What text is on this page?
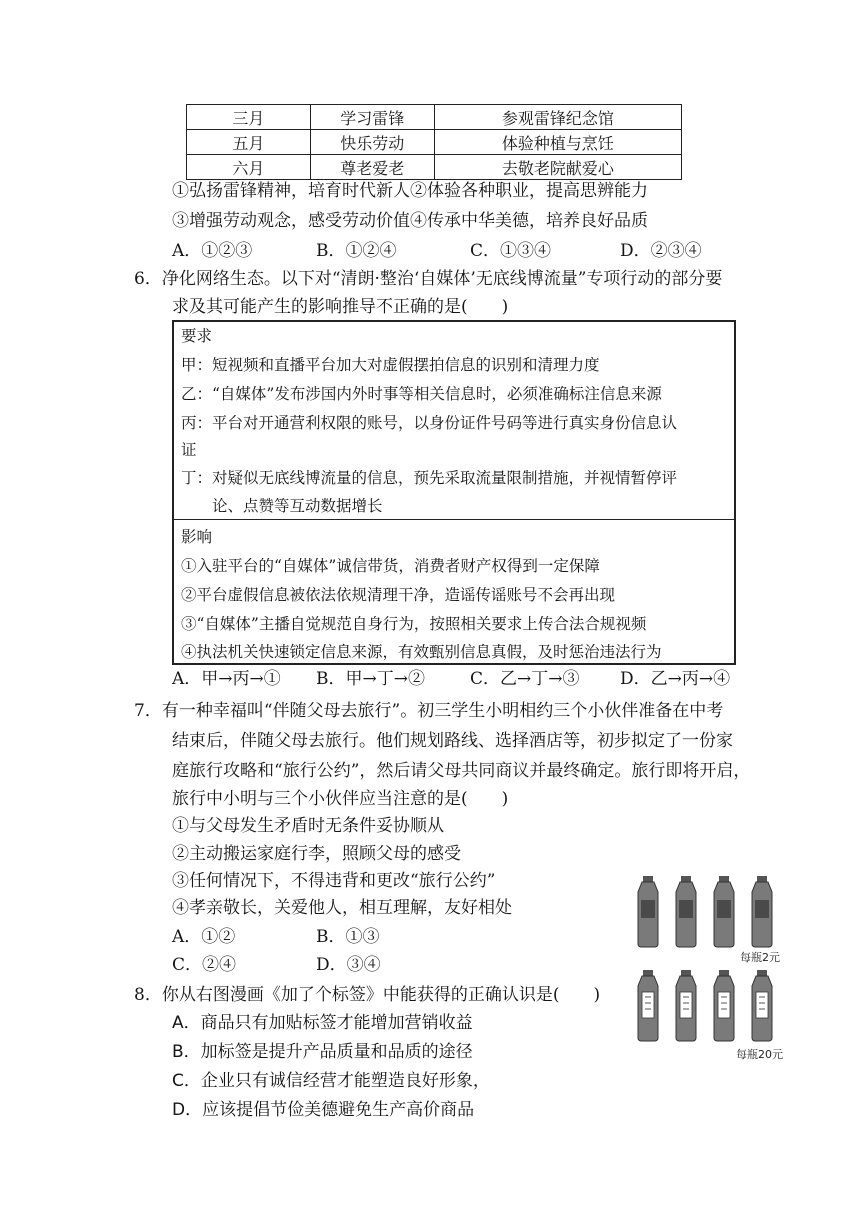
三月	学习雷锋	参观雷锋纪念馆
五月	快乐劳动	体验种植与烹饪
六月	尊老爱老	去敬老院献爱心
①弘扬雷锋精神，培育时代新人②体验各种职业，提高思辨能力
③增强劳动观念，感受劳动价值④传承中华美德，培养良好品质
A．①②③	B．①②④	C．①③④	D．②③④
6．净化网络生态。以下对“清朗·整治‘自媒体’无底线博流量”专项行动的部分要
求及其可能产生的影响推导不正确的是(　　)
要求
甲：短视频和直播平台加大对虚假摆拍信息的识别和清理力度
乙：“自媒体”发布涉国内外时事等相关信息时，必须准确标注信息来源
丙：平台对开通营利权限的账号，以身份证件号码等进行真实身份信息认
证
丁：对疑似无底线博流量的信息，预先采取流量限制措施，并视情暂停评
　　论、点赞等互动数据增长
影响
①入驻平台的“自媒体”诚信带货，消费者财产权得到一定保障
②平台虚假信息被依法依规清理干净，造谣传谣账号不会再出现
③“自媒体”主播自觉规范自身行为，按照相关要求上传合法合规视频
④执法机关快速锁定信息来源，有效甄别信息真假，及时惩治违法行为
A．甲→丙→① B．甲→丁→②	C．乙→丁→③ D．乙→丙→④
7．有一种幸福叫“伴随父母去旅行”。初三学生小明相约三个小伙伴准备在中考
结束后，伴随父母去旅行。他们规划路线、选择酒店等，初步拟定了一份家
庭旅行攻略和“旅行公约”，然后请父母共同商议并最终确定。旅行即将开启，
旅行中小明与三个小伙伴应当注意的是(　　)
①与父母发生矛盾时无条件妥协顺从
②主动搬运家庭行李，照顾父母的感受
③任何情况下，不得违背和更改“旅行公约”
④孝亲敬长，关爱他人，相互理解，友好相处
A．①②	B．①③
C．②④	D．③④
8．你从右图漫画《加了个标签》中能获得的正确认识是(　　)
A．商品只有加贴标签才能增加营销收益
B．加标签是提升产品质量和品质的途径
C．企业只有诚信经营才能塑造良好形象，
D．应该提倡节俭美德避免生产高价商品
每瓶2元
每瓶20元
